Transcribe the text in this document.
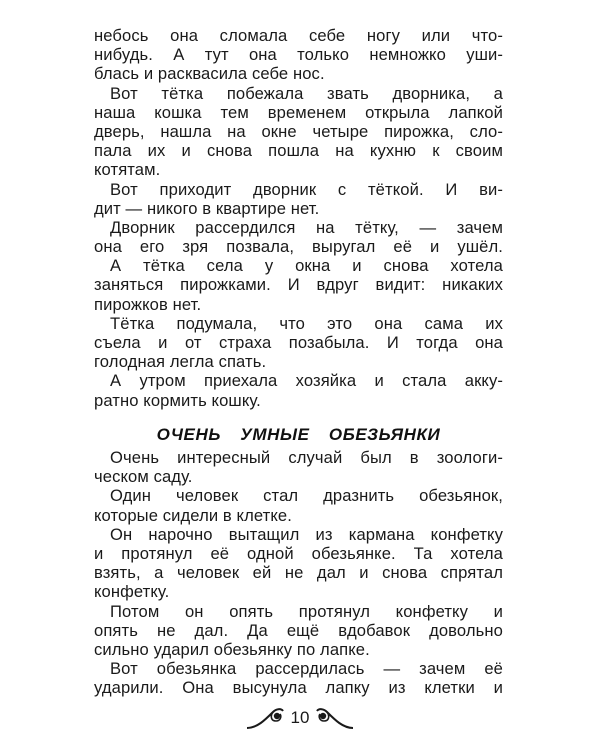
небось она сломала себе ногу или что-
нибудь. А тут она только немножко уши-
блась и расквасила себе нос.
Вот тётка побежала звать дворника, а
наша кошка тем временем открыла лапкой
дверь, нашла на окне четыре пирожка, сло-
пала их и снова пошла на кухню к своим
котятам.
Вот приходит дворник с тёткой. И ви-
дит — никого в квартире нет.
Дворник рассердился на тётку, — зачем
она его зря позвала, выругал её и ушёл.
А тётка села у окна и снова хотела
заняться пирожками. И вдруг видит: никаких
пирожков нет.
Тётка подумала, что это она сама их
съела и от страха позабыла. И тогда она
голодная легла спать.
А утром приехала хозяйка и стала акку-
ратно кормить кошку.
ОЧЕНЬ УМНЫЕ ОБЕЗЬЯНКИ
Очень интересный случай был в зоологи-
ческом саду.
Один человек стал дразнить обезьянок,
которые сидели в клетке.
Он нарочно вытащил из кармана конфетку
и протянул её одной обезьянке. Та хотела
взять, а человек ей не дал и снова спрятал
конфетку.
Потом он опять протянул конфетку и
опять не дал. Да ещё вдобавок довольно
сильно ударил обезьянку по лапке.
Вот обезьянка рассердилась — зачем её
ударили. Она высунула лапку из клетки и
10
